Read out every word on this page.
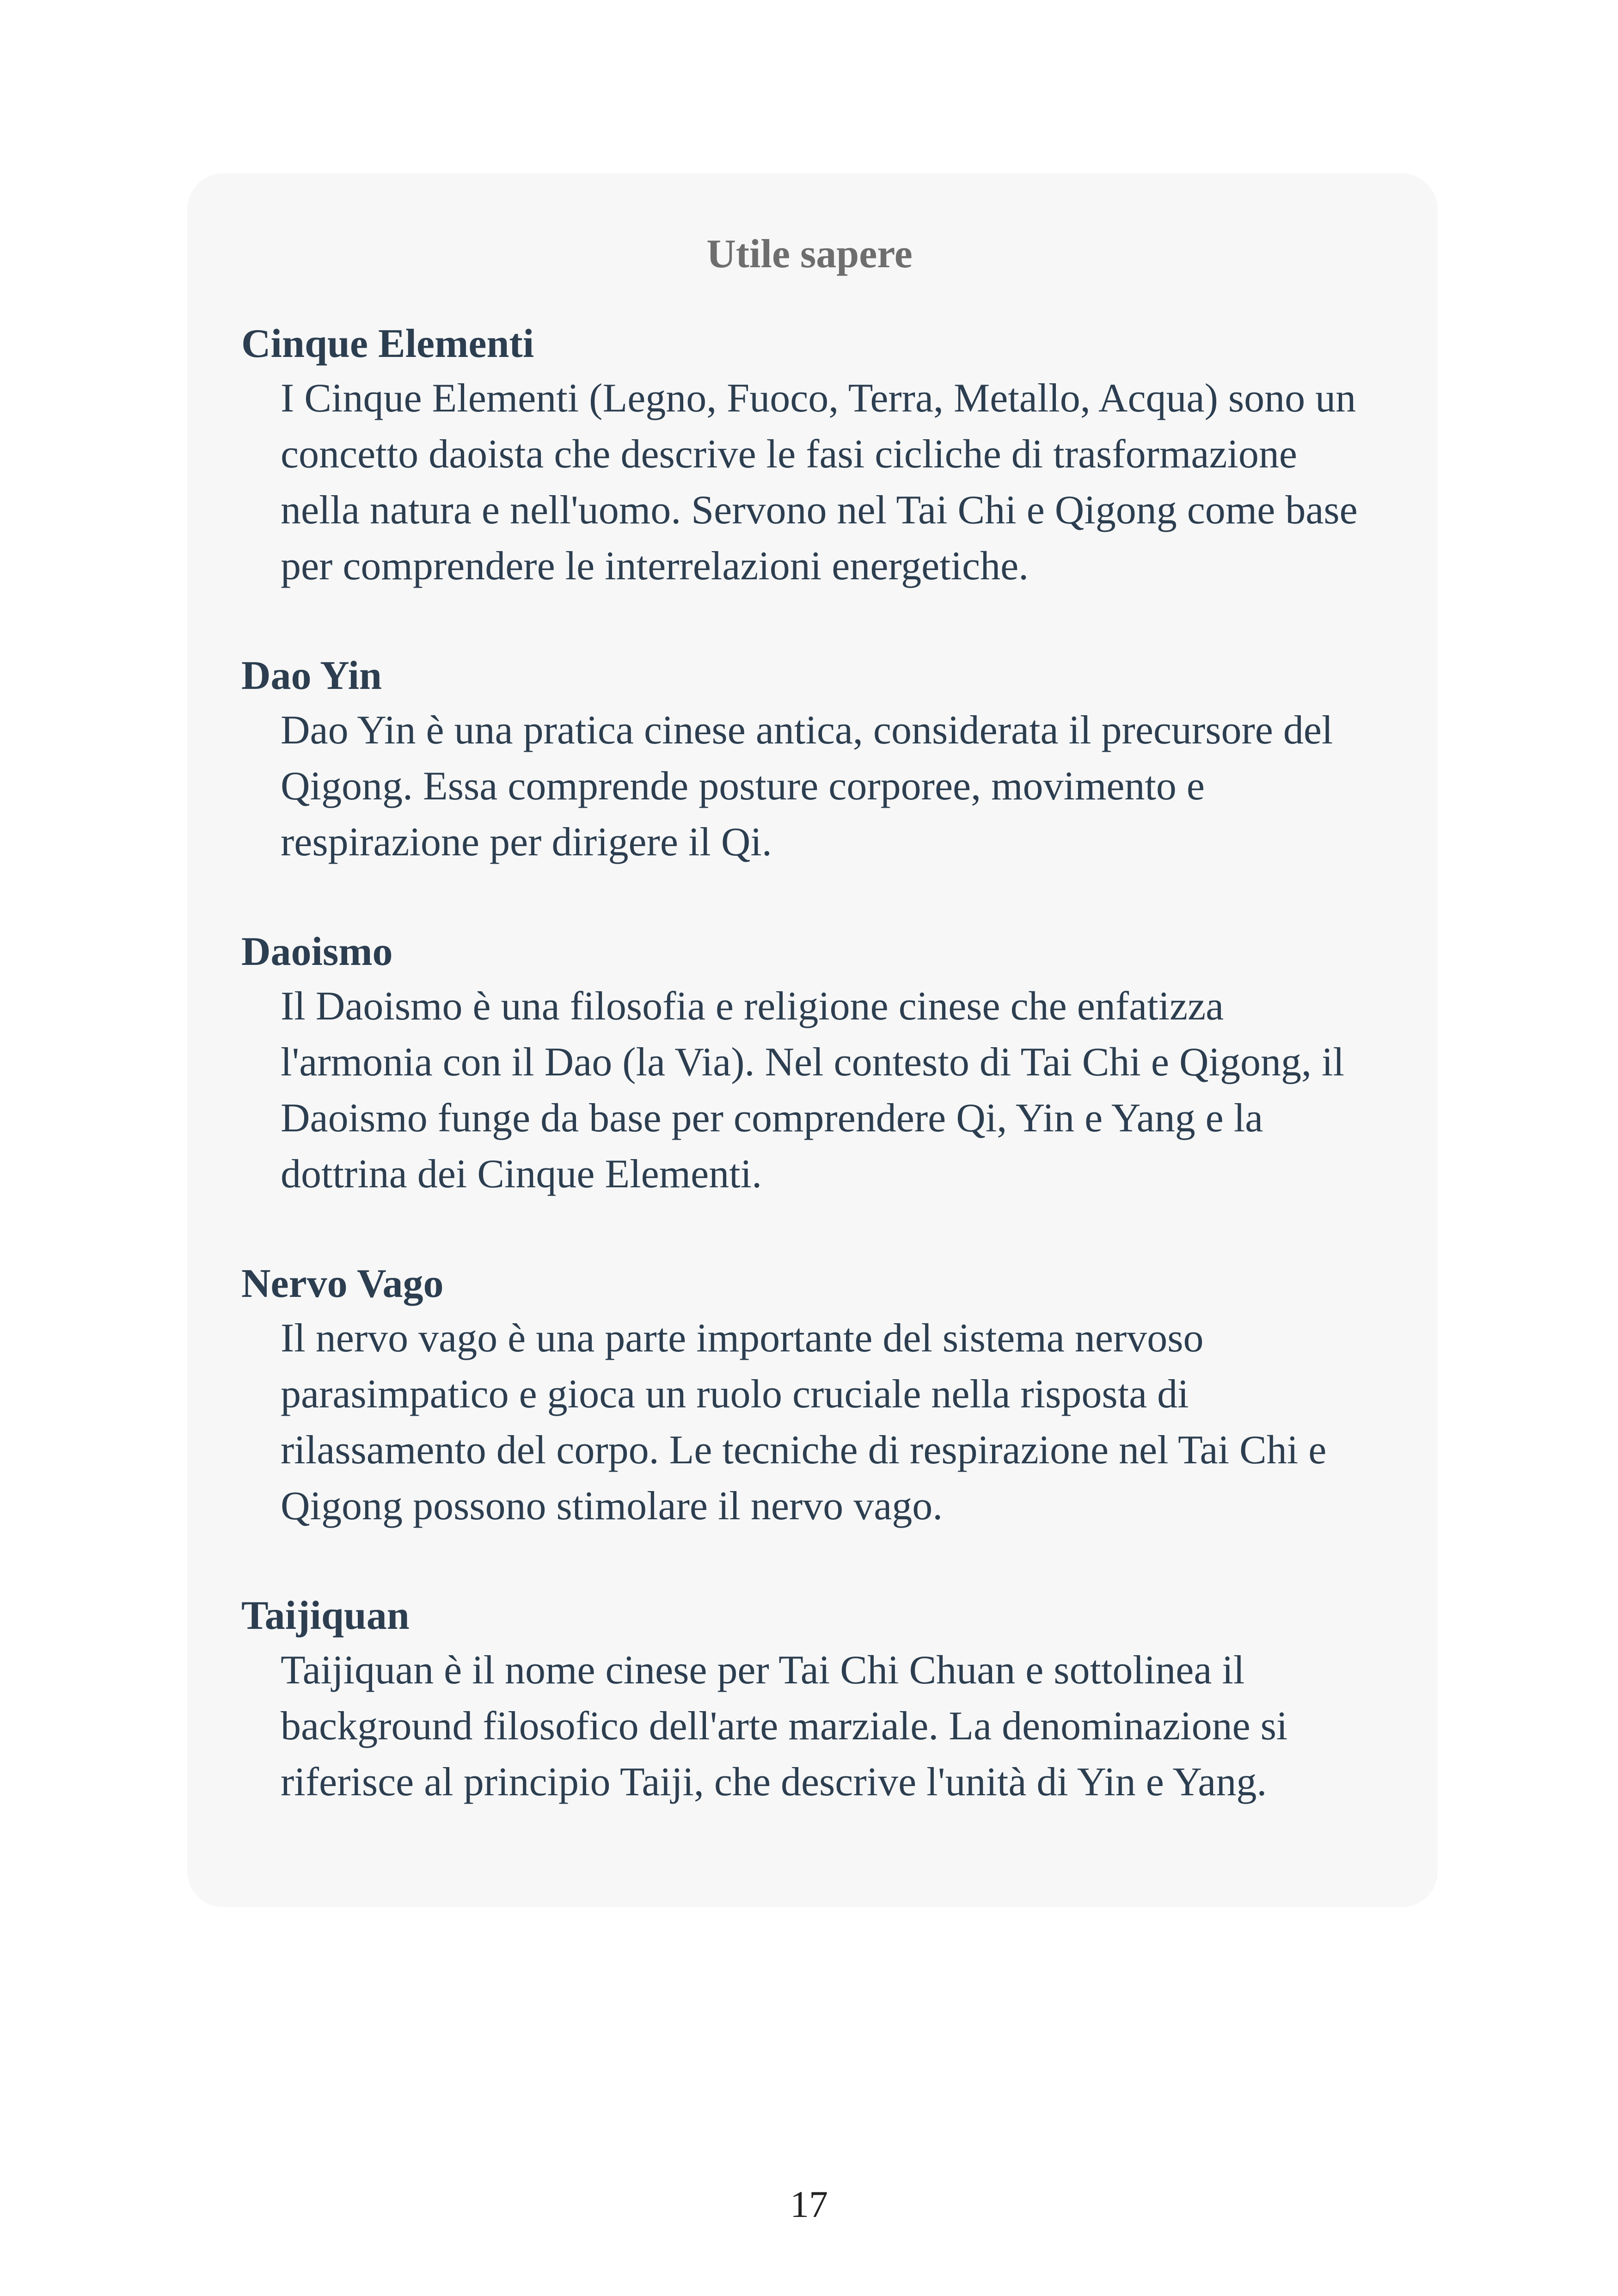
Utile sapere
Cinque Elementi
I Cinque Elementi (Legno, Fuoco, Terra, Metallo, Acqua) sono un concetto daoista che descrive le fasi cicliche di trasformazione nella natura e nell'uomo. Servono nel Tai Chi e Qigong come base per comprendere le interrelazioni energetiche.
Dao Yin
Dao Yin è una pratica cinese antica, considerata il precursore del Qigong. Essa comprende posture corporee, movimento e respirazione per dirigere il Qi.
Daoismo
Il Daoismo è una filosofia e religione cinese che enfatizza l'armonia con il Dao (la Via). Nel contesto di Tai Chi e Qigong, il Daoismo funge da base per comprendere Qi, Yin e Yang e la dottrina dei Cinque Elementi.
Nervo Vago
Il nervo vago è una parte importante del sistema nervoso parasimpatico e gioca un ruolo cruciale nella risposta di rilassamento del corpo. Le tecniche di respirazione nel Tai Chi e Qigong possono stimolare il nervo vago.
Taijiquan
Taijiquan è il nome cinese per Tai Chi Chuan e sottolinea il background filosofico dell'arte marziale. La denominazione si riferisce al principio Taiji, che descrive l'unità di Yin e Yang.
17
